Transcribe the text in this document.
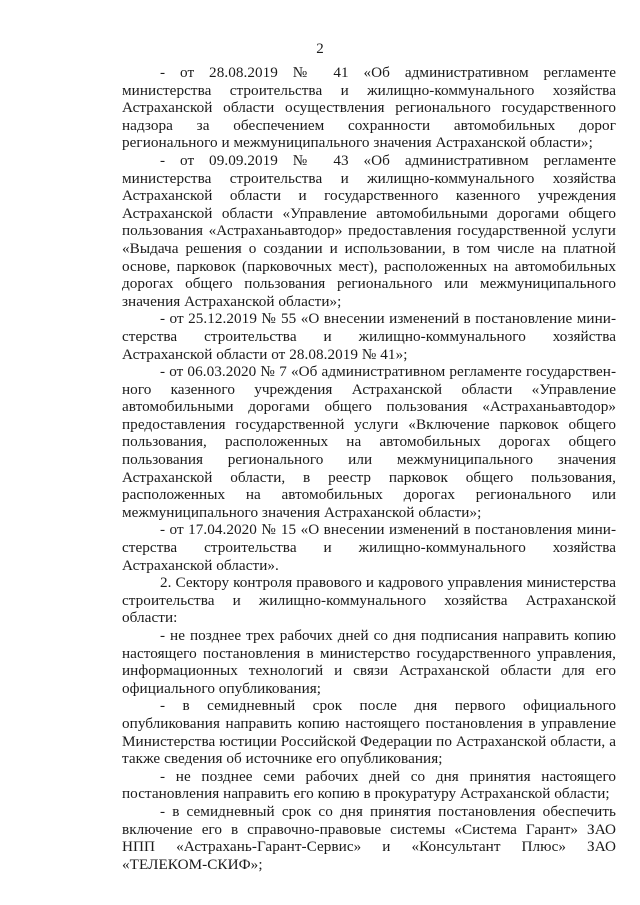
2

- от 28.08.2019 № 41 «Об административном регламенте министерства строительства и жилищно-коммунального хозяйства Астраханской области осуществления регионального государственного надзора за обеспечением сохранности автомобильных дорог регионального и межмуниципального значения Астраханской области»;

- от 09.09.2019 № 43 «Об административном регламенте министерства строительства и жилищно-коммунального хозяйства Астраханской области и государственного казенного учреждения Астраханской области «Управление автомобильными дорогами общего пользования «Астраханьавтодор» предоставления государственной услуги «Выдача решения о создании и использовании, в том числе на платной основе, парковок (парковочных мест), расположенных на автомобильных дорогах общего пользования регионального или межмуниципального значения Астраханской области»;

- от 25.12.2019 № 55 «О внесении изменений в постановление министерства строительства и жилищно-коммунального хозяйства Астраханской области от 28.08.2019 № 41»;

- от 06.03.2020 № 7 «Об административном регламенте государственного казенного учреждения Астраханской области «Управление автомобильными дорогами общего пользования «Астраханьавтодор» предоставления государственной услуги «Включение парковок общего пользования, расположенных на автомобильных дорогах общего пользования регионального или межмуниципального значения Астраханской области, в реестр парковок общего пользования, расположенных на автомобильных дорогах регионального или межмуниципального значения Астраханской области»;

- от 17.04.2020 № 15 «О внесении изменений в постановления министерства строительства и жилищно-коммунального хозяйства Астраханской области».

2. Сектору контроля правового и кадрового управления министерства строительства и жилищно-коммунального хозяйства Астраханской области:

- не позднее трех рабочих дней со дня подписания направить копию настоящего постановления в министерство государственного управления, информационных технологий и связи Астраханской области для его официального опубликования;

- в семидневный срок после дня первого официального опубликования направить копию настоящего постановления в управление Министерства юстиции Российской Федерации по Астраханской области, а также сведения об источнике его опубликования;

- не позднее семи рабочих дней со дня принятия настоящего постановления направить его копию в прокуратуру Астраханской области;

- в семидневный срок со дня принятия постановления обеспечить включение его в справочно-правовые системы «Система Гарант» ЗАО НПП «Астрахань-Гарант-Сервис» и «Консультант Плюс» ЗАО «ТЕЛЕКОМ-СКИФ»;
